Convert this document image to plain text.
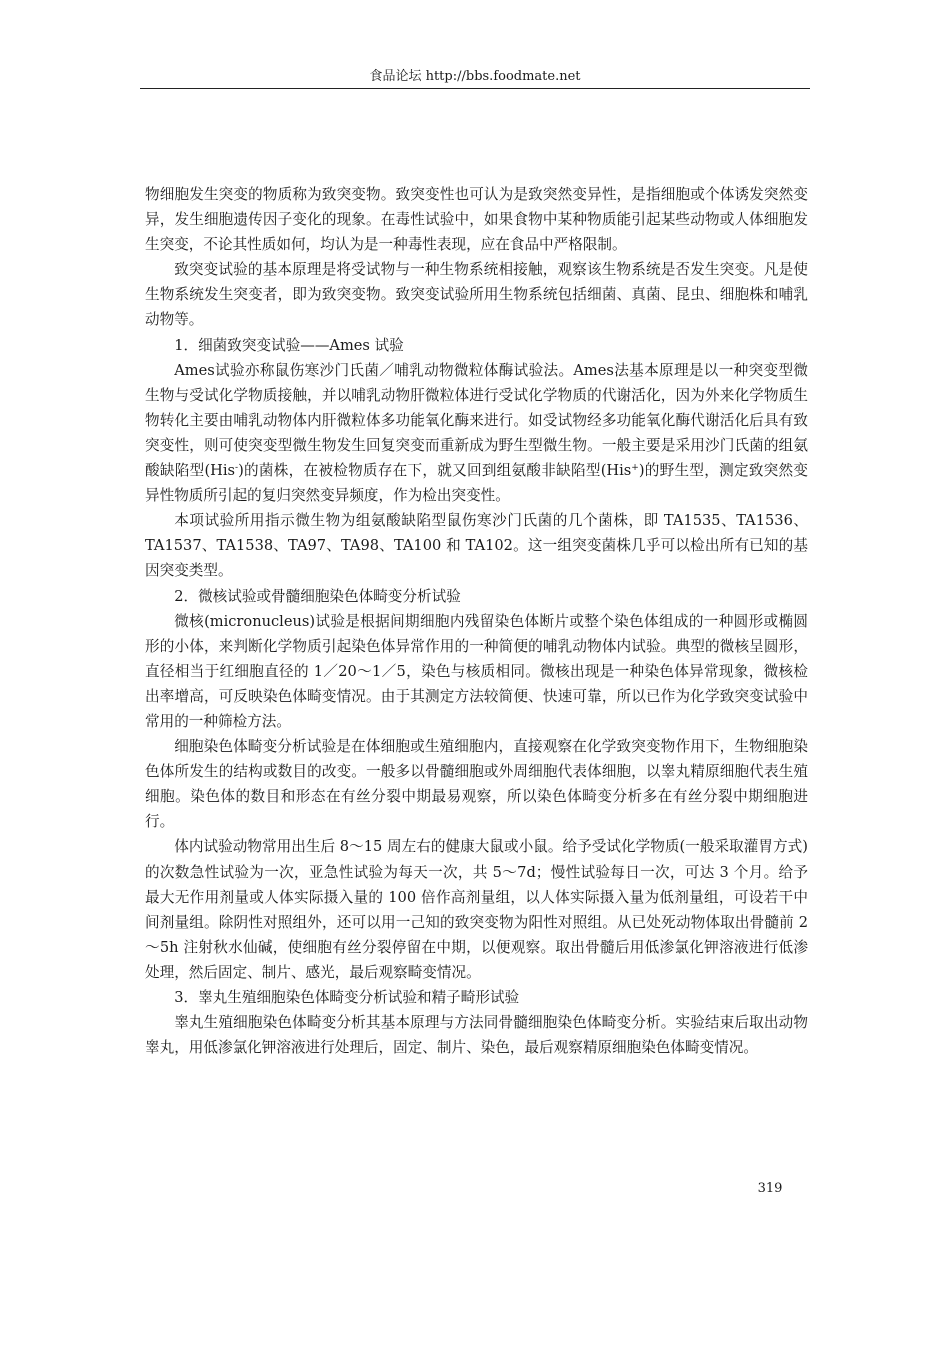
食品论坛 http://bbs.foodmate.net

物细胞发生突变的物质称为致突变物。致突变性也可认为是致突然变异性，是指细胞或个体诱发突然变异，发生细胞遗传因子变化的现象。在毒性试验中，如果食物中某种物质能引起某些动物或人体细胞发生突变，不论其性质如何，均认为是一种毒性表现，应在食品中严格限制。

致突变试验的基本原理是将受试物与一种生物系统相接触，观察该生物系统是否发生突变。凡是使生物系统发生突变者，即为致突变物。致突变试验所用生物系统包括细菌、真菌、昆虫、细胞株和哺乳动物等。

1．细菌致突变试验——Ames 试验

Ames试验亦称鼠伤寒沙门氏菌／哺乳动物微粒体酶试验法。Ames法基本原理是以一种突变型微生物与受试化学物质接触，并以哺乳动物肝微粒体进行受试化学物质的代谢活化，因为外来化学物质生物转化主要由哺乳动物体内肝微粒体多功能氧化酶来进行。如受试物经多功能氧化酶代谢活化后具有致突变性，则可使突变型微生物发生回复突变而重新成为野生型微生物。一般主要是采用沙门氏菌的组氨酸缺陷型(His-)的菌株，在被检物质存在下，就又回到组氨酸非缺陷型(His+)的野生型，测定致突然变异性物质所引起的复归突然变异频度，作为检出突变性。

本项试验所用指示微生物为组氨酸缺陷型鼠伤寒沙门氏菌的几个菌株，即 TA1535、TA1536、TA1537、TA1538、TA97、TA98、TA100 和 TA102。这一组突变菌株几乎可以检出所有已知的基因突变类型。

2．微核试验或骨髓细胞染色体畸变分析试验

微核(micronucleus)试验是根据间期细胞内残留染色体断片或整个染色体组成的一种圆形或椭圆形的小体，来判断化学物质引起染色体异常作用的一种简便的哺乳动物体内试验。典型的微核呈圆形，直径相当于红细胞直径的 1／20～1／5，染色与核质相同。微核出现是一种染色体异常现象，微核检出率增高，可反映染色体畸变情况。由于其测定方法较简便、快速可靠，所以已作为化学致突变试验中常用的一种筛检方法。

细胞染色体畸变分析试验是在体细胞或生殖细胞内，直接观察在化学致突变物作用下，生物细胞染色体所发生的结构或数目的改变。一般多以骨髓细胞或外周细胞代表体细胞，以睾丸精原细胞代表生殖细胞。染色体的数目和形态在有丝分裂中期最易观察，所以染色体畸变分析多在有丝分裂中期细胞进行。

体内试验动物常用出生后 8～15 周左右的健康大鼠或小鼠。给予受试化学物质(一般采取灌胃方式)的次数急性试验为一次，亚急性试验为每天一次，共 5～7d；慢性试验每日一次，可达 3 个月。给予最大无作用剂量或人体实际摄入量的 100 倍作高剂量组，以人体实际摄入量为低剂量组，可设若干中间剂量组。除阴性对照组外，还可以用一己知的致突变物为阳性对照组。从已处死动物体取出骨髓前 2～5h 注射秋水仙碱，使细胞有丝分裂停留在中期，以便观察。取出骨髓后用低渗氯化钾溶液进行低渗处理，然后固定、制片、感光，最后观察畸变情况。

3．睾丸生殖细胞染色体畸变分析试验和精子畸形试验

睾丸生殖细胞染色体畸变分析其基本原理与方法同骨髓细胞染色体畸变分析。实验结束后取出动物睾丸，用低渗氯化钾溶液进行处理后，固定、制片、染色，最后观察精原细胞染色体畸变情况。

319
